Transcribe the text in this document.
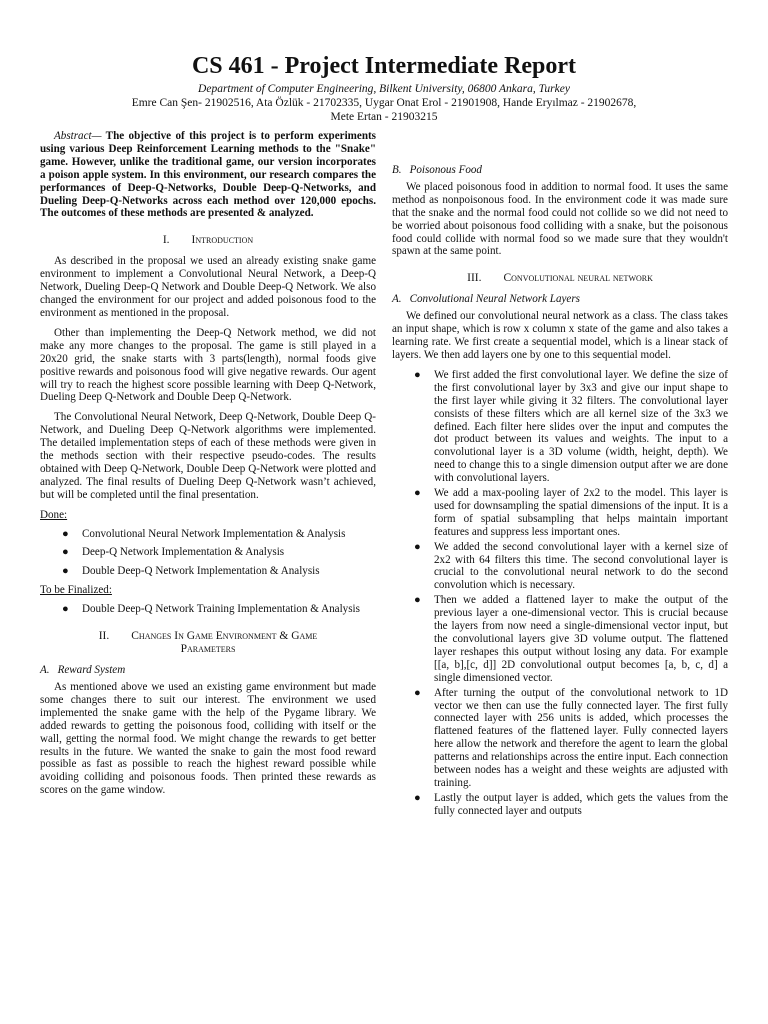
CS 461 - Project Intermediate Report
Department of Computer Engineering, Bilkent University, 06800 Ankara, Turkey
Emre Can Şen- 21902516, Ata Özlük - 21702335, Uygar Onat Erol - 21901908, Hande Eryılmaz - 21902678,
Mete Ertan - 21903215

Abstract— The objective of this project is to perform experiments using various Deep Reinforcement Learning methods to the "Snake" game. However, unlike the traditional game, our version incorporates a poison apple system. In this environment, our research compares the performances of Deep-Q-Networks, Double Deep-Q-Networks, and Dueling Deep-Q-Networks across each method over 120,000 epochs. The outcomes of these methods are presented & analyzed.

I. Introduction

As described in the proposal we used an already existing snake game environment to implement a Convolutional Neural Network, a Deep-Q Network, Dueling Deep-Q Network and Double Deep-Q Network. We also changed the environment for our project and added poisonous food to the environment as mentioned in the proposal.

Other than implementing the Deep-Q Network method, we did not make any more changes to the proposal. The game is still played in a 20x20 grid, the snake starts with 3 parts(length), normal foods give positive rewards and poisonous food will give negative rewards. Our agent will try to reach the highest score possible learning with Deep Q-Network, Dueling Deep Q-Network and Double Deep Q-Network.

The Convolutional Neural Network, Deep Q-Network, Double Deep Q-Network, and Dueling Deep Q-Network algorithms were implemented. The detailed implementation steps of each of these methods were given in the methods section with their respective pseudo-codes. The results obtained with Deep Q-Network, Double Deep Q-Network were plotted and analyzed. The final results of Dueling Deep Q-Network wasn’t achieved, but will be completed until the final presentation.

Done:
● Convolutional Neural Network Implementation & Analysis
● Deep-Q Network Implementation & Analysis
● Double Deep-Q Network Implementation & Analysis
To be Finalized:
● Double Deep-Q Network Training Implementation & Analysis
II. Changes In Game Environment & Game
Parameters
A. Reward System

As mentioned above we used an existing game environment but made some changes there to suit our interest. The environment we used implemented the snake game with the help of the Pygame library. We added rewards to getting the poisonous food, colliding with itself or the wall, getting the normal food. We might change the rewards to get better results in the future. We wanted the snake to gain the most food reward possible as fast as possible to reach the highest reward possible while avoiding colliding and poisonous foods. Then printed these rewards as scores on the game window.

B. Poisonous Food

We placed poisonous food in addition to normal food. It uses the same method as nonpoisonous food. In the environment code it was made sure that the snake and the normal food could not collide so we did not need to be worried about poisonous food colliding with a snake, but the poisonous food could collide with normal food so we made sure that they wouldn't spawn at the same point.

III. Convolutional neural network
A. Convolutional Neural Network Layers

We defined our convolutional neural network as a class. The class takes an input shape, which is row x column x state of the game and also takes a learning rate. We first create a sequential model, which is a linear stack of layers. We then add layers one by one to this sequential model.

● We first added the first convolutional layer. We define the size of the first convolutional layer by 3x3 and give our input shape to the first layer while giving it 32 filters. The convolutional layer consists of these filters which are all kernel size of the 3x3 we defined. Each filter here slides over the input and computes the dot product between its values and weights. The input to a convolutional layer is a 3D volume (width, height, depth). We need to change this to a single dimension output after we are done with convolutional layers.
● We add a max-pooling layer of 2x2 to the model. This layer is used for downsampling the spatial dimensions of the input. It is a form of spatial subsampling that helps maintain important features and suppress less important ones.
● We added the second convolutional layer with a kernel size of 2x2 with 64 filters this time. The second convolutional layer is crucial to the convolutional neural network to do the second convolution which is necessary.
● Then we added a flattened layer to make the output of the previous layer a one-dimensional vector. This is crucial because the layers from now need a single-dimensional vector input, but the convolutional layers give 3D volume output. The flattened layer reshapes this output without losing any data. For example [[a, b],[c, d]] 2D convolutional output becomes [a, b, c, d] a single dimensioned vector.
● After turning the output of the convolutional network to 1D vector we then can use the fully connected layer. The first fully connected layer with 256 units is added, which processes the flattened features of the flattened layer. Fully connected layers here allow the network and therefore the agent to learn the global patterns and relationships across the entire input. Each connection between nodes has a weight and these weights are adjusted with training.
● Lastly the output layer is added, which gets the values from the fully connected layer and outputs
